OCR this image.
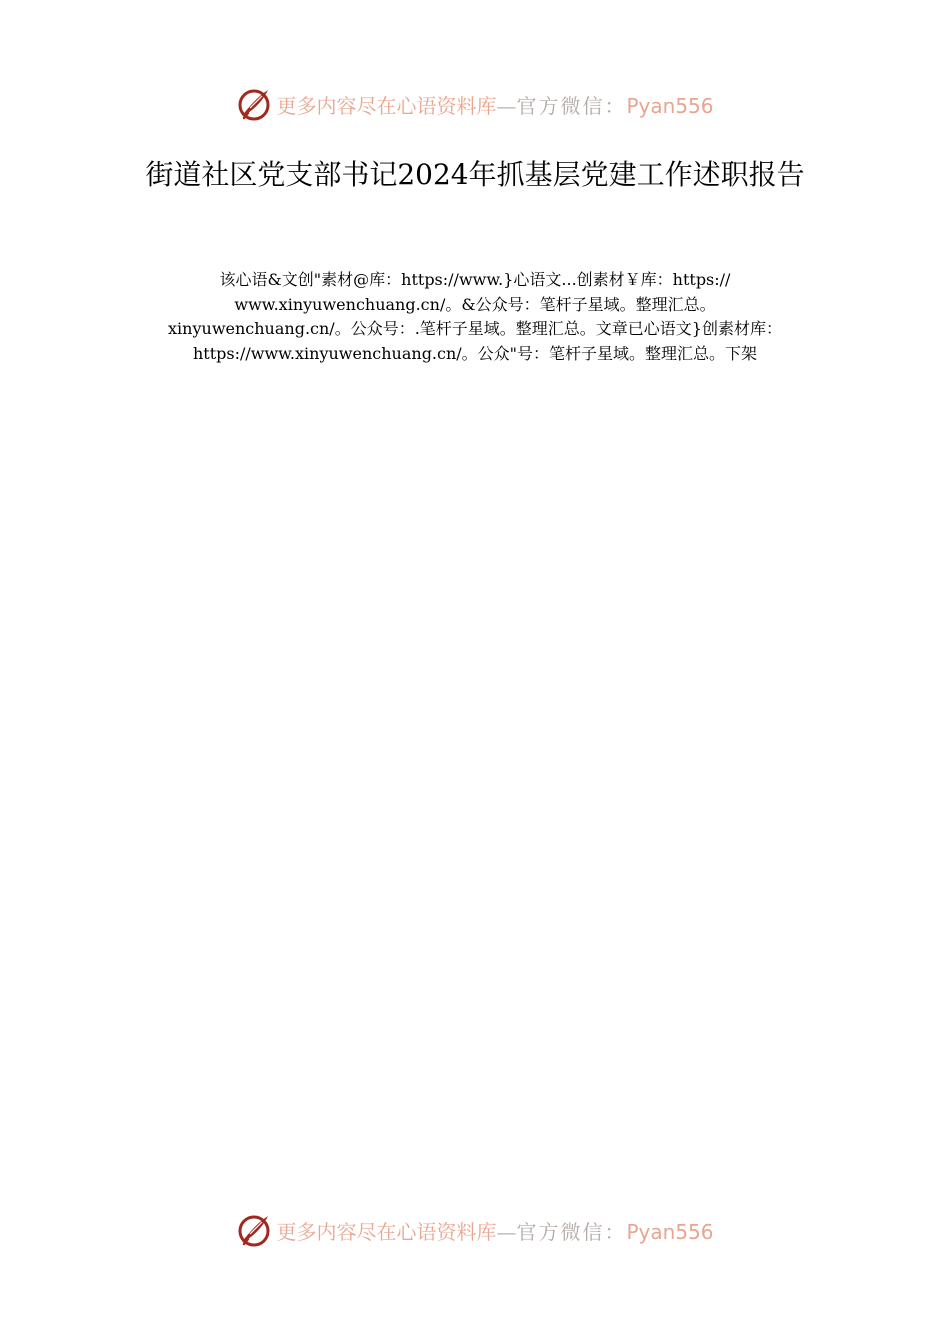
更多内容尽在心语资料库—官方微信：Pyan556
街道社区党支部书记2024年抓基层党建工作述职报告

该心语&文创"素材@库：https://www.}心语文...创素材￥库：https://
www.xinyuwenchuang.cn/。&公众号：笔杆子星域。整理汇总。
xinyuwenchuang.cn/。公众号：.笔杆子星域。整理汇总。文章已心语文}创素材库：
https://www.xinyuwenchuang.cn/。公众"号：笔杆子星域。整理汇总。下架

更多内容尽在心语资料库—官方微信：Pyan556
